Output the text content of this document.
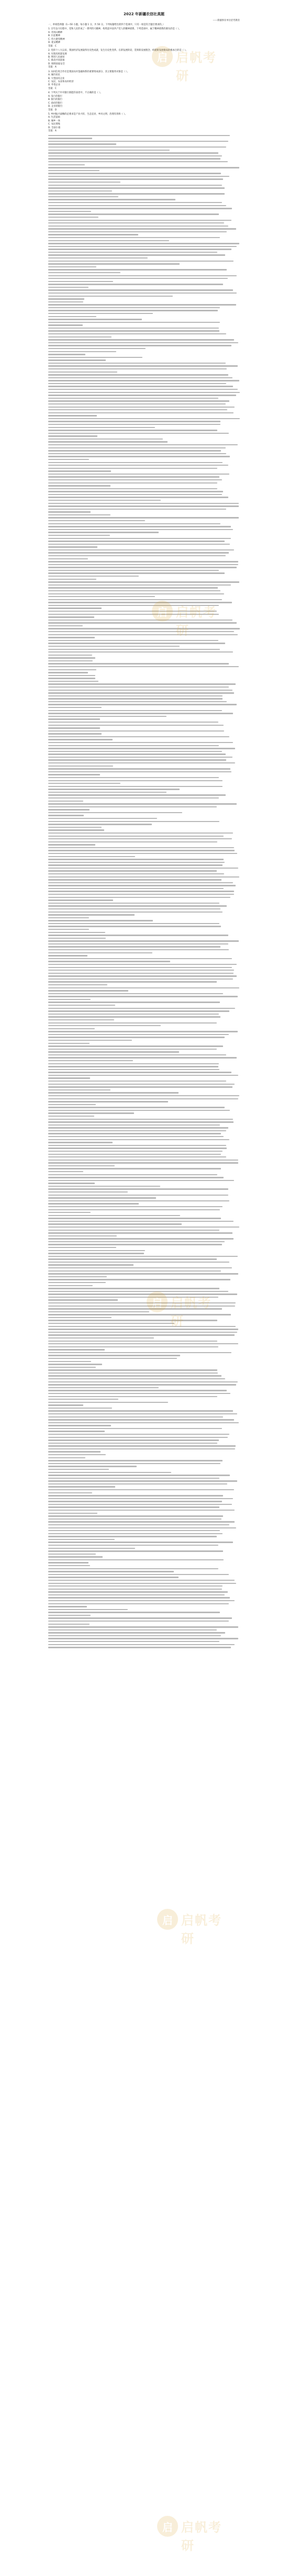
2022 年新疆农信社真题
——新疆事业单位招考教育

一、单项选择题（1—50 小题，每小题 1 分，共 50 分。下列每题给出的四个选项中，只有一项是符合题目要求的。）

1. 百年奋斗历程中，党和人民形成了一系列伟大精神，构筑起中国共产党人的精神谱系。下列选项中，属于精神谱系的源头的是（ ）。
A. 井冈山精神
B. 长征精神
C. 伟大建党精神
D. 延安精神
答案：C
2. 党的十八大以来，我国经济发展取得历史性成就、发生历史性变革。在新发展阶段，贯彻新发展理念、构建新发展格局的根本目的是（ ）。
A. 实现高质量发展
B. 增进人民福祉
C. 推动共同富裕
D. 保障国家安全
答案：A
3. 农村信用合作社是我国农村金融体系的重要组成部分，其主要服务对象是（ ）。
A. 城市居民
B. 大型国有企业
C. 农民、农业和农村经济
D. 外资企业
答案：C
4. 下列关于中央银行职能的表述中，不正确的是（ ）。
A. 发行的银行
B. 银行的银行
C. 政府的银行
D. 企业的银行
答案：D
5. 乡村振兴战略的总要求是产业兴旺、生态宜居、乡风文明、治理有效和（ ）。
A. 生活富裕
B. 城乡一体
C. 农民增收
D. 全面小康
答案：A
启 启帆考研
启 启帆考研
启 启帆考研
启 启帆考研
启 启帆考研
